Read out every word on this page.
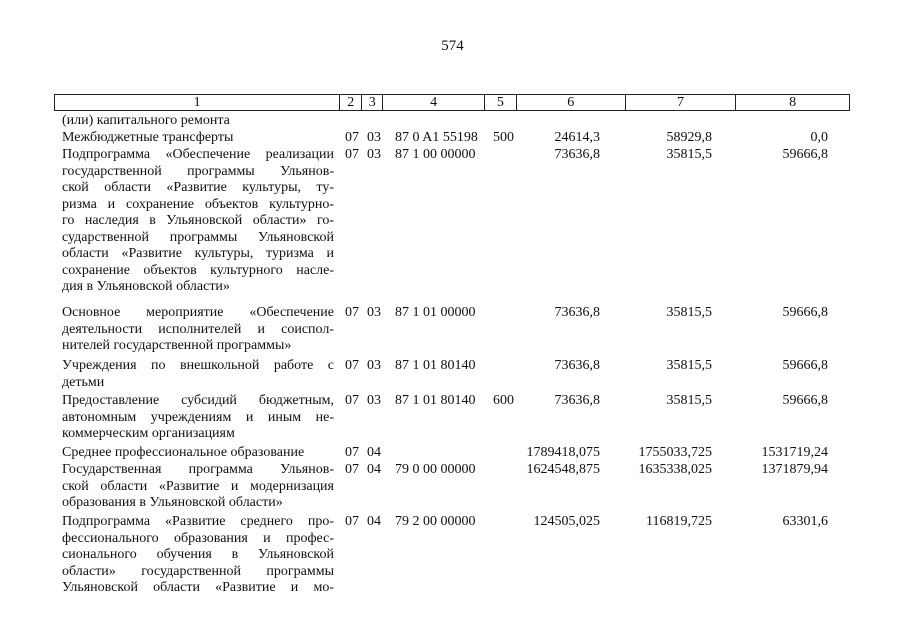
574
1	2	3	4	5	6	7	8
(или) капитального ремонта
Межбюджетные трансферты	07 03 87 0 A1 55198 500	24614,3	58929,8	0,0
Подпрограмма «Обеспечение реализации
государственной программы Ульянов-
ской области «Развитие культуры, ту-
ризма и сохранение объектов культурно-
го наследия в Ульяновской области» го-
сударственной программы Ульяновской
области «Развитие культуры, туризма и
сохранение объектов культурного насле-
дия в Ульяновской области»
07 03 87 1 00 00000	73636,8	35815,5	59666,8
Основное мероприятие «Обеспечение
деятельности исполнителей и соиспол-
нителей государственной программы»
07 03 87 1 01 00000	73636,8	35815,5	59666,8
Учреждения по внешкольной работе с
детьми
07 03 87 1 01 80140	73636,8	35815,5	59666,8
Предоставление субсидий бюджетным,
автономным учреждениям и иным не-
коммерческим организациям
07 03 87 1 01 80140 600	73636,8	35815,5	59666,8
Среднее профессиональное образование	07 04	1789418,075	1755033,725	1531719,24
Государственная программа Ульянов-
ской области «Развитие и модернизация
образования в Ульяновской области»
07 04 79 0 00 00000	1624548,875	1635338,025	1371879,94
Подпрограмма «Развитие среднего про-
фессионального образования и профес-
сионального обучения в Ульяновской
области» государственной программы
Ульяновской области «Развитие и мо-
07 04 79 2 00 00000	124505,025	116819,725	63301,6
